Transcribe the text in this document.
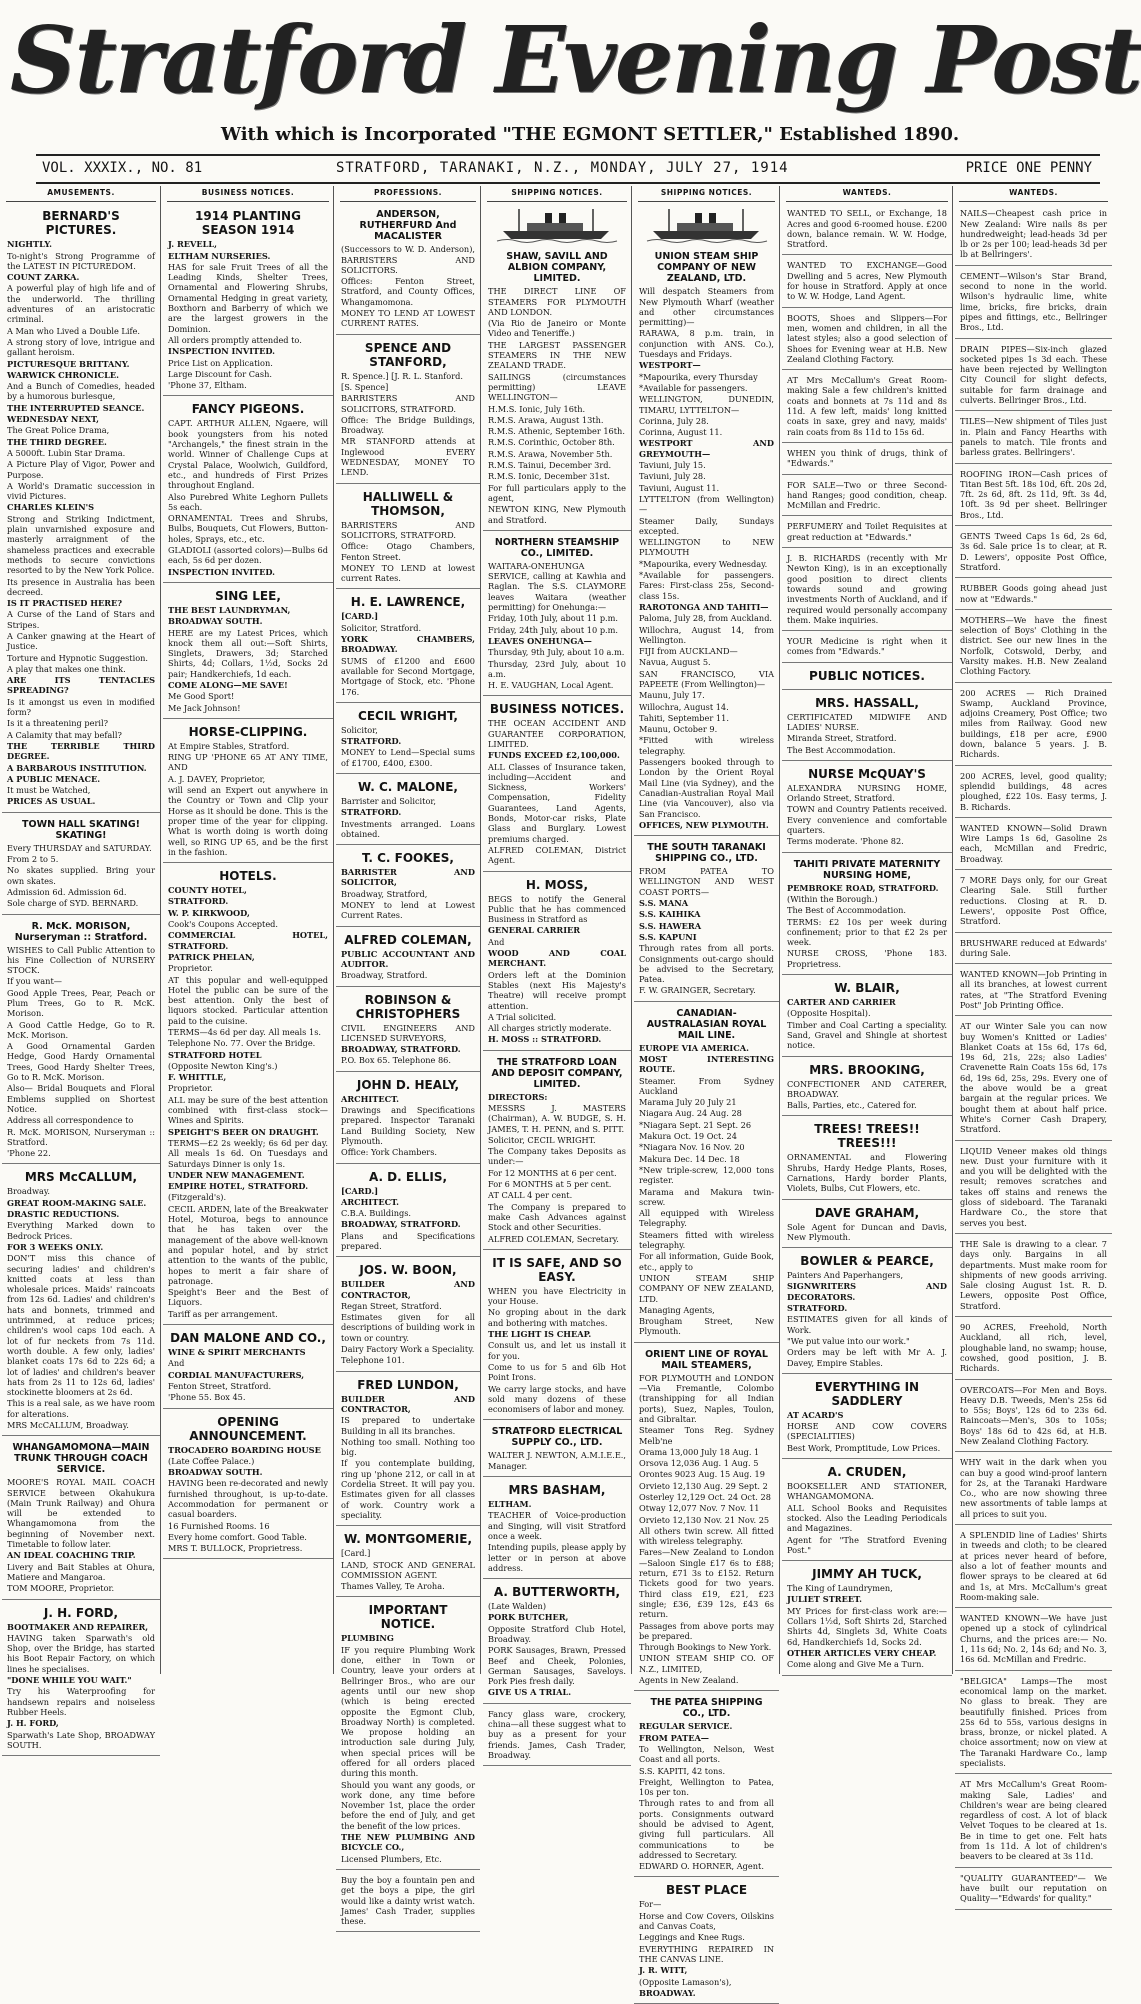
Stratford Evening Post
With which is Incorporated "THE EGMONT SETTLER," Established 1890.
VOL. XXXIX., NO. 81	STRATFORD, TARANAKI, N.Z., MONDAY, JULY 27, 1914	PRICE ONE PENNY
AMUSEMENTS.
BERNARD'S PICTURES.

NIGHTLY.

To-night's Strong Programme of the LATEST IN PICTUREDOM.

COUNT ZARKA.

A powerful play of high life and of the underworld. The thrilling adventures of an aristocratic criminal.

A Man who Lived a Double Life.

A strong story of love, intrigue and gallant heroism.

PICTURESQUE BRITTANY.

WARWICK CHRONICLE.

And a Bunch of Comedies, headed by a humorous burlesque,

THE INTERRUPTED SEANCE.

WEDNESDAY NEXT,

The Great Police Drama,

THE THIRD DEGREE.

A 5000ft. Lubin Star Drama.

A Picture Play of Vigor, Power and Purpose.

A World's Dramatic succession in vivid Pictures.

CHARLES KLEIN'S

Strong and Striking Indictment, plain unvarnished exposure and masterly arraignment of the shameless practices and execrable methods to secure convictions resorted to by the New York Police.

Its presence in Australia has been decreed.

IS IT PRACTISED HERE?

A Curse of the Land of Stars and Stripes.

A Canker gnawing at the Heart of Justice.

Torture and Hypnotic Suggestion.

A play that makes one think.

ARE ITS TENTACLES SPREADING?

Is it amongst us even in modified form?

Is it a threatening peril?

A Calamity that may befall?

THE TERRIBLE THIRD DEGREE.

A BARBAROUS INSTITUTION.

A PUBLIC MENACE.

It must be Watched,

PRICES AS USUAL.

TOWN HALL SKATING! SKATING!

Every THURSDAY and SATURDAY.

From 2 to 5.

No skates supplied. Bring your own skates.

Admission 6d. Admission 6d.

Sole charge of SYD. BERNARD.

R. McK. MORISON, Nurseryman :: Stratford.

WISHES to Call Public Attention to his Fine Collection of NURSERY STOCK.

If you want—

Good Apple Trees, Pear, Peach or Plum Trees, Go to R. McK. Morison.

A Good Cattle Hedge, Go to R. McK. Morison.

A Good Ornamental Garden Hedge, Good Hardy Ornamental Trees, Good Hardy Shelter Trees, Go to R. McK. Morison.

Also— Bridal Bouquets and Floral Emblems supplied on Shortest Notice.

Address all correspondence to

R. McK. MORISON, Nurseryman :: Stratford.

'Phone 22.

MRS McCALLUM,

Broadway.

GREAT ROOM-MAKING SALE.

DRASTIC REDUCTIONS.

Everything Marked down to Bedrock Prices.

FOR 3 WEEKS ONLY.

DON'T miss this chance of securing ladies' and children's knitted coats at less than wholesale prices. Maids' raincoats from 12s 6d. Ladies' and children's hats and bonnets, trimmed and untrimmed, at reduce prices; children's wool caps 10d each. A lot of fur neckets from 7s 11d. worth double. A few only, ladies' blanket coats 17s 6d to 22s 6d; a lot of ladies' and children's beaver hats from 2s 11 to 12s 6d, ladies' stockinette bloomers at 2s 6d.

This is a real sale, as we have room for alterations.

MRS McCALLUM, Broadway.

WHANGAMOMONA—MAIN TRUNK THROUGH COACH SERVICE.

MOORE'S ROYAL MAIL COACH SERVICE between Okahukura (Main Trunk Railway) and Ohura will be extended to Whangamomona from the beginning of November next. Timetable to follow later.

AN IDEAL COACHING TRIP.

Livery and Bait Stables at Ohura, Matiere and Mangaroa.

TOM MOORE, Proprietor.

J. H. FORD,

BOOTMAKER AND REPAIRER,

HAVING taken Sparwath's old Shop, over the Bridge, has started his Boot Repair Factory, on which lines he specialises.

"DONE WHILE YOU WAIT."

Try his Waterproofing for handsewn repairs and noiseless Rubber Heels.

J. H. FORD,

Sparwath's Late Shop, BROADWAY SOUTH.

BUSINESS NOTICES.
1914 PLANTING SEASON 1914

J. REVELL,

ELTHAM NURSERIES.

HAS for sale Fruit Trees of all the Leading Kinds, Shelter Trees, Ornamental and Flowering Shrubs, Ornamental Hedging in great variety, Boxthorn and Barberry of which we are the largest growers in the Dominion.

All orders promptly attended to.

INSPECTION INVITED.

Price List on Application.

Large Discount for Cash.

'Phone 37, Eltham.

FANCY PIGEONS.

CAPT. ARTHUR ALLEN, Ngaere, will book youngsters from his noted "Archangels," the finest strain in the world. Winner of Challenge Cups at Crystal Palace, Woolwich, Guildford, etc., and hundreds of First Prizes throughout England.

Also Purebred White Leghorn Pullets 5s each.

ORNAMENTAL Trees and Shrubs, Bulbs, Bouquets, Cut Flowers, Button-holes, Sprays, etc., etc.

GLADIOLI (assorted colors)—Bulbs 6d each, 5s 6d per dozen.

INSPECTION INVITED.

SING LEE,

THE BEST LAUNDRYMAN,

BROADWAY SOUTH.

HERE are my Latest Prices, which knock them all out:—Soft Shirts, Singlets, Drawers, 3d; Starched Shirts, 4d; Collars, 1½d, Socks 2d pair; Handkerchiefs, 1d each.

COME ALONG—ME SAVE!

Me Good Sport!

Me Jack Johnson!

HORSE-CLIPPING.

At Empire Stables, Stratford.

RING UP 'PHONE 65 AT ANY TIME, AND

A. J. DAVEY, Proprietor,

will send an Expert out anywhere in the Country or Town and Clip your Horse as it should be done. This is the proper time of the year for clipping. What is worth doing is worth doing well, so RING UP 65, and be the first in the fashion.

HOTELS.

COUNTY HOTEL,

STRATFORD.

W. P. KIRKWOOD,

Cook's Coupons Accepted.

COMMERCIAL HOTEL, STRATFORD.

PATRICK PHELAN,

Proprietor.

AT this popular and well-equipped Hotel the public can be sure of the best attention. Only the best of liquors stocked. Particular attention paid to the cuisine.

TERMS—4s 6d per day. All meals 1s.

Telephone No. 77. Over the Bridge.

STRATFORD HOTEL

(Opposite Newton King's.)

F. WHITTLE,

Proprietor.

ALL may be sure of the best attention combined with first-class stock—Wines and Spirits.

SPEIGHT'S BEER ON DRAUGHT.

TERMS—£2 2s weekly; 6s 6d per day. All meals 1s 6d. On Tuesdays and Saturdays Dinner is only 1s.

UNDER NEW MANAGEMENT.

EMPIRE HOTEL, STRATFORD.

(Fitzgerald's).

CECIL ARDEN, late of the Breakwater Hotel, Moturoa, begs to announce that he has taken over the management of the above well-known and popular hotel, and by strict attention to the wants of the public, hopes to merit a fair share of patronage.

Speight's Beer and the Best of Liquors.

Tariff as per arrangement.

DAN MALONE AND CO.,

WINE & SPIRIT MERCHANTS

And

CORDIAL MANUFACTURERS,

Fenton Street, Stratford.

'Phone 55. Box 45.

OPENING ANNOUNCEMENT.

TROCADERO BOARDING HOUSE

(Late Coffee Palace.)

BROADWAY SOUTH.

HAVING been re-decorated and newly furnished throughout, is up-to-date. Accommodation for permanent or casual boarders.

16 Furnished Rooms. 16

Every home comfort. Good Table.

MRS T. BULLOCK, Proprietress.

PROFESSIONS.
ANDERSON, RUTHERFURD And MACALISTER

(Successors to W. D. Anderson), BARRISTERS AND SOLICITORS.

Offices: Fenton Street, Stratford, and County Offices, Whangamomona.

MONEY TO LEND AT LOWEST CURRENT RATES.

SPENCE AND STANFORD,

R. Spence.] [J. R. L. Stanford.

[S. Spence]

BARRISTERS AND SOLICITORS, STRATFORD.

Office: The Bridge Buildings, Broadway.

MR STANFORD attends at Inglewood EVERY WEDNESDAY, MONEY TO LEND.

HALLIWELL & THOMSON,

BARRISTERS AND SOLICITORS, STRATFORD.

Office: Otago Chambers, Fenton Street.

MONEY TO LEND at lowest current Rates.

H. E. LAWRENCE,

[CARD.]

Solicitor, Stratford.

YORK CHAMBERS, BROADWAY.

SUMS of £1200 and £600 available for Second Mortgage, Mortgage of Stock, etc. 'Phone 176.

CECIL WRIGHT,

Solicitor,

STRATFORD.

MONEY to Lend—Special sums of £1700, £400, £300.

W. C. MALONE,

Barrister and Solicitor,

STRATFORD.

Investments arranged. Loans obtained.

T. C. FOOKES,

BARRISTER AND SOLICITOR,

Broadway, Stratford,

MONEY to lend at Lowest Current Rates.

ALFRED COLEMAN,

PUBLIC ACCOUNTANT AND AUDITOR.

Broadway, Stratford.

ROBINSON & CHRISTOPHERS

CIVIL ENGINEERS AND LICENSED SURVEYORS,

BROADWAY, STRATFORD.

P.O. Box 65. Telephone 86.

JOHN D. HEALY,

ARCHITECT.

Drawings and Specifications prepared. Inspector Taranaki Land Building Society, New Plymouth.

Office: York Chambers.

A. D. ELLIS,

[CARD.]

ARCHITECT.

C.B.A. Buildings.

BROADWAY, STRATFORD.

Plans and Specifications prepared.

JOS. W. BOON,

BUILDER AND CONTRACTOR,

Regan Street, Stratford.

Estimates given for all descriptions of building work in town or country.

Dairy Factory Work a Speciality.

Telephone 101.

FRED LUNDON,

BUILDER AND CONTRACTOR,

IS prepared to undertake Building in all its branches.

Nothing too small. Nothing too big.

If you contemplate building, ring up 'phone 212, or call in at Cordelia Street. It will pay you. Estimates given for all classes of work. Country work a speciality.

W. MONTGOMERIE,

[Card.]

LAND, STOCK AND GENERAL COMMISSION AGENT.

Thames Valley, Te Aroha.

IMPORTANT NOTICE.

PLUMBING

IF you require Plumbing Work done, either in Town or Country, leave your orders at Bellringer Bros., who are our agents until our new shop (which is being erected opposite the Egmont Club, Broadway North) is completed. We propose holding an introduction sale during July, when special prices will be offered for all orders placed during this month.

Should you want any goods, or work done, any time before November 1st, place the order before the end of July, and get the benefit of the low prices.

THE NEW PLUMBING AND BICYCLE CO.,

Licensed Plumbers, Etc.

Buy the boy a fountain pen and get the boys a pipe, the girl would like a dainty wrist watch. James' Cash Trader, supplies these.

SHIPPING NOTICES.
SHAW, SAVILL AND ALBION COMPANY, LIMITED.

THE DIRECT LINE OF STEAMERS FOR PLYMOUTH AND LONDON.

(Via Rio de Janeiro or Monte Video and Teneriffe.)

THE LARGEST PASSENGER STEAMERS IN THE NEW ZEALAND TRADE.

SAILINGS (circumstances permitting) LEAVE WELLINGTON—

H.M.S. Ionic, July 16th.

R.M.S. Arawa, August 13th.

R.M.S. Athenic, September 16th.

R.M.S. Corinthic, October 8th.

R.M.S. Arawa, November 5th.

R.M.S. Tainui, December 3rd.

R.M.S. Ionic, December 31st.

For full particulars apply to the agent,

NEWTON KING, New Plymouth and Stratford.

NORTHERN STEAMSHIP CO., LIMITED.

WAITARA-ONEHUNGA SERVICE, calling at Kawhia and Raglan. The S.S. CLAYMORE leaves Waitara (weather permitting) for Onehunga:—

Friday, 10th July, about 11 p.m.

Friday, 24th July, about 10 p.m.

LEAVES ONEHUNGA—

Thursday, 9th July, about 10 a.m.

Thursday, 23rd July, about 10 a.m.

H. E. VAUGHAN, Local Agent.

BUSINESS NOTICES.

THE OCEAN ACCIDENT AND GUARANTEE CORPORATION, LIMITED.

FUNDS EXCEED £2,100,000.

ALL Classes of Insurance taken, including—Accident and Sickness, Workers' Compensation, Fidelity Guarantees, Land Agents, Bonds, Motor-car risks, Plate Glass and Burglary. Lowest premiums charged.

ALFRED COLEMAN, District Agent.

H. MOSS,

BEGS to notify the General Public that he has commenced Business in Stratford as

GENERAL CARRIER

And

WOOD AND COAL MERCHANT.

Orders left at the Dominion Stables (next His Majesty's Theatre) will receive prompt attention.

A Trial solicited.

All charges strictly moderate.

H. MOSS :: STRATFORD.

THE STRATFORD LOAN AND DEPOSIT COMPANY, LIMITED.

DIRECTORS:

MESSRS J. MASTERS (Chairman), A. W. BUDGE, S. H. JAMES, T. H. PENN, and S. PITT.

Solicitor, CECIL WRIGHT.

The Company takes Deposits as under:—

For 12 MONTHS at 6 per cent.

For 6 MONTHS at 5 per cent.

AT CALL 4 per cent.

The Company is prepared to make Cash Advances against Stock and other Securities.

ALFRED COLEMAN, Secretary.

IT IS SAFE, AND SO EASY.

WHEN you have Electricity in your House.

No groping about in the dark and bothering with matches.

THE LIGHT IS CHEAP.

Consult us, and let us install it for you.

Come to us for 5 and 6lb Hot Point Irons.

We carry large stocks, and have sold many dozens of these economisers of labor and money.

STRATFORD ELECTRICAL SUPPLY CO., LTD.

WALTER J. NEWTON, A.M.I.E.E., Manager.

MRS BASHAM,

ELTHAM.

TEACHER of Voice-production and Singing, will visit Stratford once a week.

Intending pupils, please apply by letter or in person at above address.

A. BUTTERWORTH,

(Late Walden)

PORK BUTCHER,

Opposite Stratford Club Hotel, Broadway.

PORK Sausages, Brawn, Pressed Beef and Cheek, Polonies, German Sausages, Saveloys. Pork Pies fresh daily.

GIVE US A TRIAL.

Fancy glass ware, crockery, china—all these suggest what to buy as a present for your friends. James, Cash Trader, Broadway.

SHIPPING NOTICES.
UNION STEAM SHIP COMPANY OF NEW ZEALAND, LTD.

Will despatch Steamers from New Plymouth Wharf (weather and other circumstances permitting)—

RARAWA, 8 p.m. train, in conjunction with ANS. Co.), Tuesdays and Fridays.

WESTPORT—

*Mapourika, every Thursday

*Available for passengers.

WELLINGTON, DUNEDIN, TIMARU, LYTTELTON—

Corinna, July 28.

Corinna, August 11.

WESTPORT AND GREYMOUTH—

Taviuni, July 15.

Taviuni, July 28.

Taviuni, August 11.

LYTTELTON (from Wellington)—

Steamer Daily, Sundays excepted.

WELLINGTON to NEW PLYMOUTH

*Mapourika, every Wednesday.

*Available for passengers. Fares: First-class 25s, Second-class 15s.

RAROTONGA AND TAHITI—

Paloma, July 28, from Auckland.

Willochra, August 14, from Wellington.

FIJI from AUCKLAND—

Navua, August 5.

SAN FRANCISCO, VIA PAPEETE (From Wellington)—

Maunu, July 17.

Willochra, August 14.

Tahiti, September 11.

Maunu, October 9.

*Fitted with wireless telegraphy.

Passengers booked through to London by the Orient Royal Mail Line (via Sydney), and the Canadian-Australian Royal Mail Line (via Vancouver), also via San Francisco.

OFFICES, NEW PLYMOUTH.

THE SOUTH TARANAKI SHIPPING CO., LTD.

FROM PATEA TO WELLINGTON AND WEST COAST PORTS—

S.S. MANA

S.S. KAIHIKA

S.S. HAWERA

S.S. KAPUNI

Through rates from all ports. Consignments out-cargo should be advised to the Secretary, Patea.

F. W. GRAINGER, Secretary.

CANADIAN-AUSTRALASIAN ROYAL MAIL LINE.

EUROPE VIA AMERICA.

MOST INTERESTING ROUTE.

Steamer. From Sydney Auckland

Marama July 20 July 21

Niagara Aug. 24 Aug. 28

*Niagara Sept. 21 Sept. 26

Makura Oct. 19 Oct. 24

*Niagara Nov. 16 Nov. 20

Makura Dec. 14 Dec. 18

*New triple-screw, 12,000 tons register.

Marama and Makura twin-screw.

All equipped with Wireless Telegraphy.

Steamers fitted with wireless telegraphy.

For all information, Guide Book, etc., apply to

UNION STEAM SHIP COMPANY OF NEW ZEALAND, LTD.

Managing Agents,

Brougham Street, New Plymouth.

ORIENT LINE OF ROYAL MAIL STEAMERS,

FOR PLYMOUTH and LONDON—Via Fremantle, Colombo (transhipping for all Indian ports), Suez, Naples, Toulon, and Gibraltar.

Steamer Tons Reg. Sydney Melb'ne

Orama 13,000 July 18 Aug. 1

Orsova 12,036 Aug. 1 Aug. 5

Orontes 9023 Aug. 15 Aug. 19

Orvieto 12,130 Aug. 29 Sept. 2

Osterley 12,129 Oct. 24 Oct. 28

Otway 12,077 Nov. 7 Nov. 11

Orvieto 12,130 Nov. 21 Nov. 25

All others twin screw. All fitted with wireless telegraphy.

Fares—New Zealand to London—Saloon Single £17 6s to £88; return, £71 3s to £152. Return Tickets good for two years. Third class £19, £21, £23 single; £36, £39 12s, £43 6s return.

Passages from above ports may be prepared.

Through Bookings to New York.

UNION STEAM SHIP CO. OF N.Z., LIMITED,

Agents in New Zealand.

THE PATEA SHIPPING CO., LTD.

REGULAR SERVICE.

FROM PATEA—

To Wellington, Nelson, West Coast and all ports.

S.S. KAPITI, 42 tons.

Freight, Wellington to Patea, 10s per ton.

Through rates to and from all ports. Consignments outward should be advised to Agent, giving full particulars. All communications to be addressed to Secretary.

EDWARD O. HORNER, Agent.

BEST PLACE

For—

Horse and Cow Covers, Oilskins and Canvas Coats,

Leggings and Knee Rugs.

EVERYTHING REPAIRED IN THE CANVAS LINE.

J. R. WITT,

(Opposite Lamason's),

BROADWAY.

WANTEDS.

WANTED TO SELL, or Exchange, 18 Acres and good 6-roomed house. £200 down, balance remain. W. W. Hodge, Stratford.

WANTED TO EXCHANGE—Good Dwelling and 5 acres, New Plymouth for house in Stratford. Apply at once to W. W. Hodge, Land Agent.

BOOTS, Shoes and Slippers—For men, women and children, in all the latest styles; also a good selection of Shoes for Evening wear at H.B. New Zealand Clothing Factory.

AT Mrs McCallum's Great Room-making Sale a few children's knitted coats and bonnets at 7s 11d and 8s 11d. A few left, maids' long knitted coats in saxe, grey and navy, maids' rain coats from 8s 11d to 15s 6d.

WHEN you think of drugs, think of "Edwards."

FOR SALE—Two or three Second-hand Ranges; good condition, cheap. McMillan and Fredric.

PERFUMERY and Toilet Requisites at great reduction at "Edwards."

J. B. RICHARDS (recently with Mr Newton King), is in an exceptionally good position to direct clients towards sound and growing investments North of Auckland, and if required would personally accompany them. Make inquiries.

YOUR Medicine is right when it comes from "Edwards."

PUBLIC NOTICES.
MRS. HASSALL,

CERTIFICATED MIDWIFE AND LADIES' NURSE.

Miranda Street, Stratford.

The Best Accommodation.

NURSE McQUAY'S

ALEXANDRA NURSING HOME, Orlando Street, Stratford.

TOWN and Country Patients received. Every convenience and comfortable quarters.

Terms moderate. 'Phone 82.

TAHITI PRIVATE MATERNITY NURSING HOME,

PEMBROKE ROAD, STRATFORD.

(Within the Borough.)

The Best of Accommodation.

TERMS: £2 10s per week during confinement; prior to that £2 2s per week.

NURSE CROSS, 'Phone 183. Proprietress.

W. BLAIR,

CARTER AND CARRIER

(Opposite Hospital).

Timber and Coal Carting a speciality. Sand, Gravel and Shingle at shortest notice.

MRS. BROOKING,

CONFECTIONER AND CATERER, BROADWAY.

Balls, Parties, etc., Catered for.

TREES! TREES!! TREES!!!

ORNAMENTAL and Flowering Shrubs, Hardy Hedge Plants, Roses, Carnations, Hardy border Plants, Violets, Bulbs, Cut Flowers, etc.

DAVE GRAHAM,

Sole Agent for Duncan and Davis, New Plymouth.

BOWLER & PEARCE,

Painters And Paperhangers,

SIGNWRITERS AND DECORATORS.

STRATFORD.

ESTIMATES given for all kinds of Work.

"We put value into our work."

Orders may be left with Mr A. J. Davey, Empire Stables.

EVERYTHING IN SADDLERY

AT ACARD'S

HORSE AND COW COVERS (SPECIALITIES)

Best Work, Promptitude, Low Prices.

A. CRUDEN,

BOOKSELLER AND STATIONER, WHANGAMOMONA.

ALL School Books and Requisites stocked. Also the Leading Periodicals and Magazines.

Agent for "The Stratford Evening Post."

JIMMY AH TUCK,

The King of Laundrymen,

JULIET STREET.

MY Prices for first-class work are:— Collars 1½d, Soft Shirts 2d, Starched Shirts 4d, Singlets 3d, White Coats 6d, Handkerchiefs 1d, Socks 2d.

OTHER ARTICLES VERY CHEAP.

Come along and Give Me a Turn.

WANTEDS.

NAILS—Cheapest cash price in New Zealand: Wire nails 8s per hundredweight; lead-heads 3d per lb or 2s per 100; lead-heads 3d per lb at Bellringers'.

CEMENT—Wilson's Star Brand, second to none in the world. Wilson's hydraulic lime, white lime, bricks, fire bricks, drain pipes and fittings, etc., Bellringer Bros., Ltd.

DRAIN PIPES—Six-inch glazed socketed pipes 1s 3d each. These have been rejected by Wellington City Council for slight defects, suitable for farm drainage and culverts. Bellringer Bros., Ltd.

TILES—New shipment of Tiles just in. Plain and Fancy Hearths with panels to match. Tile fronts and barless grates. Bellringers'.

ROOFING IRON—Cash prices of Titan Best 5ft. 18s 10d, 6ft. 20s 2d, 7ft. 2s 6d, 8ft. 2s 11d, 9ft. 3s 4d, 10ft. 3s 9d per sheet. Bellringer Bros., Ltd.

GENTS Tweed Caps 1s 6d, 2s 6d, 3s 6d. Sale price 1s to clear, at R. D. Lewers', opposite Post Office, Stratford.

RUBBER Goods going ahead just now at "Edwards."

MOTHERS—We have the finest selection of Boys' Clothing in the district. See our new lines in the Norfolk, Cotswold, Derby, and Varsity makes. H.B. New Zealand Clothing Factory.

200 ACRES — Rich Drained Swamp, Auckland Province, adjoins Creamery, Post Office; two miles from Railway. Good new buildings, £18 per acre, £900 down, balance 5 years. J. B. Richards.

200 ACRES, level, good quality; splendid buildings, 48 acres ploughed, £22 10s. Easy terms, J. B. Richards.

WANTED KNOWN—Solid Drawn Wire Lamps 1s 6d, Gasoline 2s each, McMillan and Fredric, Broadway.

7 MORE Days only, for our Great Clearing Sale. Still further reductions. Closing at R. D. Lewers', opposite Post Office, Stratford.

BRUSHWARE reduced at Edwards' during Sale.

WANTED KNOWN—Job Printing in all its branches, at lowest current rates, at "The Stratford Evening Post" Job Printing Office.

AT our Winter Sale you can now buy Women's Knitted or Ladies' Blanket Coats at 15s 6d, 17s 6d, 19s 6d, 21s, 22s; also Ladies' Cravenette Rain Coats 15s 6d, 17s 6d, 19s 6d, 25s, 29s. Every one of the above would be a great bargain at the regular prices. We bought them at about half price. White's Corner Cash Drapery, Stratford.

LIQUID Veneer makes old things new. Dust your furniture with it and you will be delighted with the result; removes scratches and takes off stains and renews the gloss of sideboard. The Taranaki Hardware Co., the store that serves you best.

THE Sale is drawing to a clear. 7 days only. Bargains in all departments. Must make room for shipments of new goods arriving. Sale closing August 1st. R. D. Lewers, opposite Post Office, Stratford.

90 ACRES, Freehold, North Auckland, all rich, level, ploughable land, no swamp; house, cowshed, good position, J. B. Richards.

OVERCOATS—For Men and Boys. Heavy D.B. Tweeds, Men's 25s 6d to 55s; Boys', 12s 6d to 23s 6d. Raincoats—Men's, 30s to 105s; Boys' 18s 6d to 42s 6d, at H.B. New Zealand Clothing Factory.

WHY wait in the dark when you can buy a good wind-proof lantern for 2s, at the Taranaki Hardware Co., who are now showing three new assortments of table lamps at all prices to suit you.

A SPLENDID line of Ladies' Shirts in tweeds and cloth; to be cleared at prices never heard of before, also a lot of feather mounts and flower sprays to be cleared at 6d and 1s, at Mrs. McCallum's great Room-making sale.

WANTED KNOWN—We have just opened up a stock of cylindrical Churns, and the prices are:— No. 1, 11s 6d; No. 2, 14s 6d; and No. 3, 16s 6d. McMillan and Fredric.

"BELGICA" Lamps—The most economical lamp on the market. No glass to break. They are beautifully finished. Prices from 25s 6d to 55s, various designs in brass, bronze, or nickel plated. A choice assortment; now on view at The Taranaki Hardware Co., lamp specialists.

AT Mrs McCallum's Great Room-making Sale, Ladies' and Children's wear are being cleared regardless of cost. A lot of black Velvet Toques to be cleared at 1s. Be in time to get one. Felt hats from 1s 11d. A lot of children's beavers to be cleared at 3s 11d.

"QUALITY GUARANTEED"— We have built our reputation on Quality—"Edwards' for quality."
